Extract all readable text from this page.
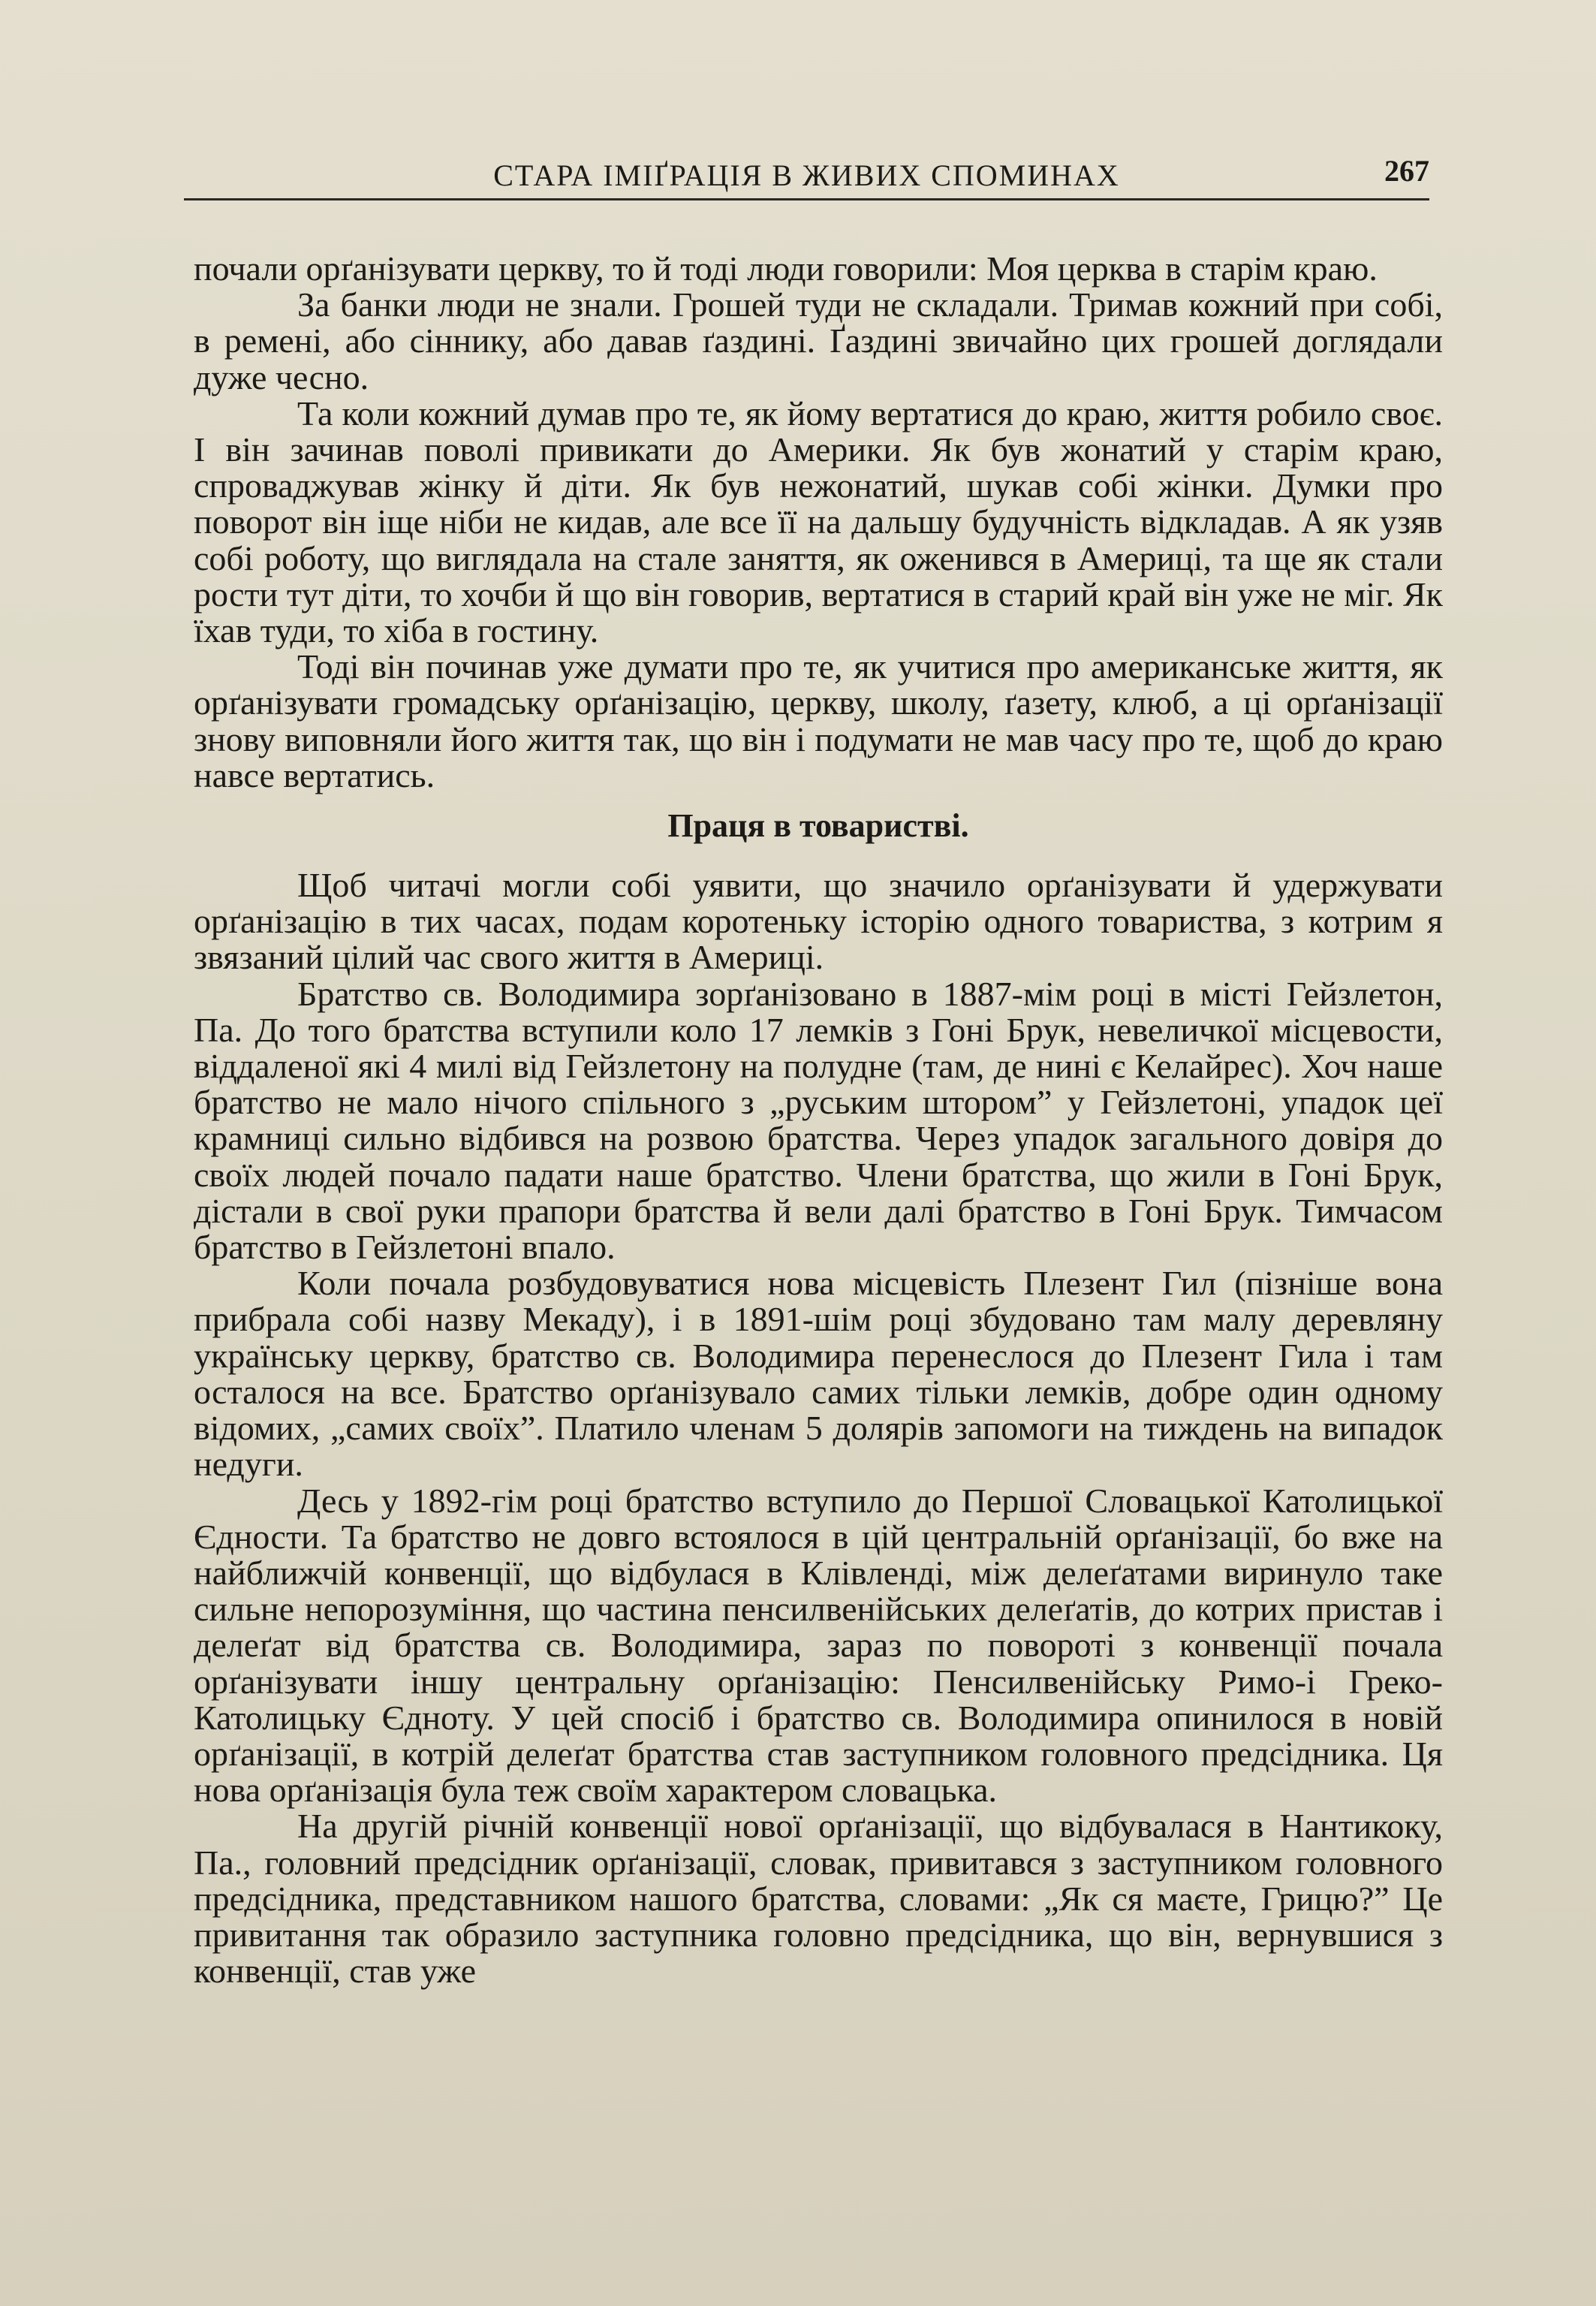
СТАРА ІМІҐРАЦІЯ В ЖИВИХ СПОМИНАХ	267

почали орґанізувати церкву, то й тоді люди говорили: Моя церква в старім краю.

За банки люди не знали. Грошей туди не складали. Тримав кожний при собі, в ремені, або сіннику, або давав ґаздині. Ґаздині звичайно цих грошей доглядали дуже чесно.

Та коли кожний думав про те, як йому вертатися до краю, життя робило своє. І він зачинав поволі привикати до Америки. Як був жонатий у старім краю, спроваджував жінку й діти. Як був нежонатий, шукав собі жінки. Думки про поворот він іще ніби не кидав, але все її на дальшу будучність відкладав. А як узяв собі роботу, що виглядала на стале заняття, як оженився в Америці, та ще як стали рости тут діти, то хочби й що він говорив, вертатися в старий край він уже не міг. Як їхав туди, то хіба в гостину.

Тоді він починав уже думати про те, як учитися про американське життя, як орґанізувати громадську орґанізацію, церкву, школу, ґазету, клюб, а ці орґанізації знову виповняли його життя так, що він і подумати не мав часу про те, щоб до краю навсе вертатись.

Праця в товаристві.

Щоб читачі могли собі уявити, що значило орґанізувати й удержувати орґанізацію в тих часах, подам коротеньку історію одного товариства, з котрим я звязаний цілий час свого життя в Америці.

Братство св. Володимира зорґанізовано в 1887-мім році в місті Гейзлетон, Па. До того братства вступили коло 17 лемків з Гоні Брук, невеличкої місцевости, віддаленої які 4 милі від Гейзлетону на полудне (там, де нині є Келайрес). Хоч наше братство не мало нічого спільного з „руським штором” у Гейзлетоні, упадок цеї крамниці сильно відбився на розвою братства. Через упадок загального довіря до своїх людей почало падати наше братство. Члени братства, що жили в Гоні Брук, дістали в свої руки прапори братства й вели далі братство в Гоні Брук. Тимчасом братство в Гейзлетоні впало.

Коли почала розбудовуватися нова місцевість Плезент Гил (пізніше вона прибрала собі назву Мекаду), і в 1891-шім році збудовано там малу деревляну українську церкву, братство св. Володимира перенеслося до Плезент Гила і там осталося на все. Братство орґанізувало самих тільки лемків, добре один одному відомих, „самих своїх”. Платило членам 5 долярів запомоги на тиждень на випадок недуги.

Десь у 1892-гім році братство вступило до Першої Словацької Католицької Єдности. Та братство не довго встоялося в цій центральній орґанізації, бо вже на найближчій конвенції, що відбулася в Клівленді, між делеґатами виринуло таке сильне непорозуміння, що частина пенсилвенійських делеґатів, до котрих пристав і делеґат від братства св. Володимира, зараз по повороті з конвенції почала орґанізувати іншу центральну орґанізацію: Пенсилвенійську Римо-і Греко-Католицьку Єдноту. У цей спосіб і братство св. Володимира опинилося в новій орґанізації, в котрій делеґат братства став заступником головного предсідника. Ця нова орґанізація була теж своїм характером словацька.

На другій річній конвенції нової орґанізації, що відбувалася в Нантикоку, Па., головний предсідник орґанізації, словак, привитався з заступником головного предсідника, представником нашого братства, словами: „Як ся маєте, Грицю?” Це привитання так образило заступника головно предсідника, що він, вернувшися з конвенції, став уже
